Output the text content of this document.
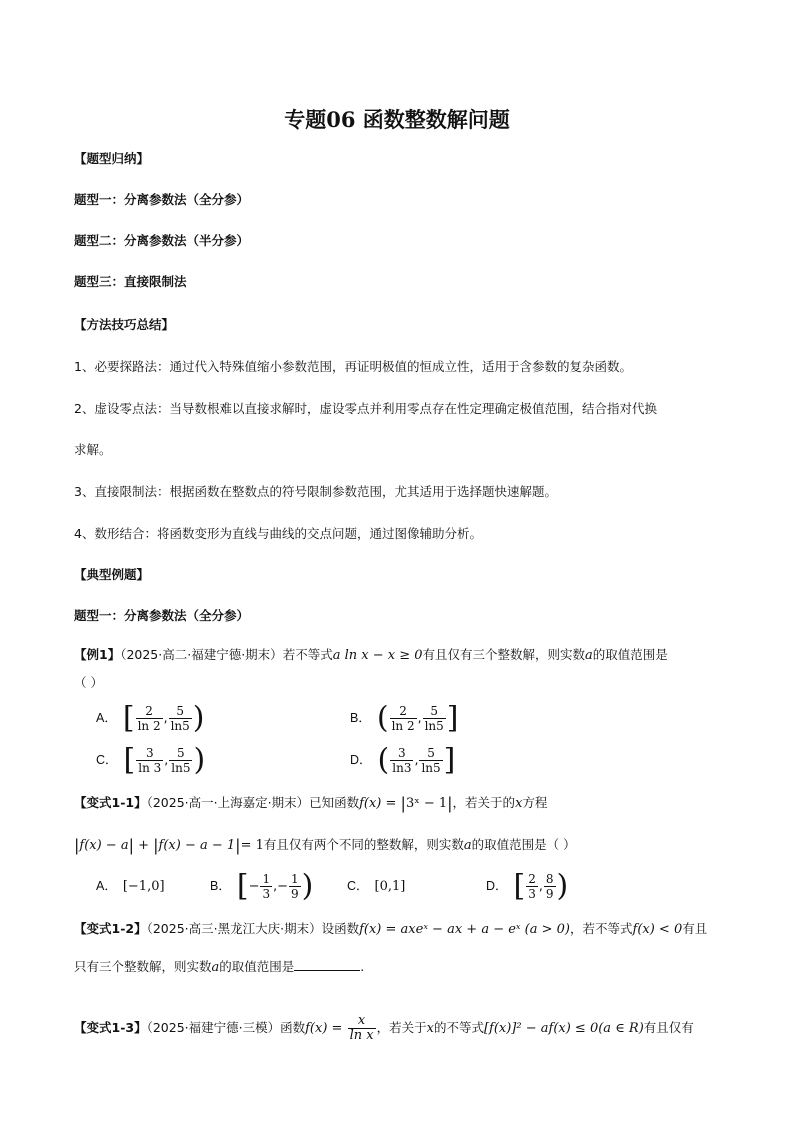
专题06 函数整数解问题
【题型归纳】
题型一：分离参数法（全分参）
题型二：分离参数法（半分参）
题型三：直接限制法
【方法技巧总结】
1、必要探路法：通过代入特殊值缩小参数范围，再证明极值的恒成立性，适用于含参数的复杂函数。
2、虚设零点法：当导数根难以直接求解时，虚设零点并利用零点存在性定理确定极值范围，结合指对代换
求解。
3、直接限制法：根据函数在整数点的符号限制参数范围，尤其适用于选择题快速解题。
4、数形结合：将函数变形为直线与曲线的交点问题，通过图像辅助分析。
【典型例题】
题型一：分离参数法（全分参）
【例1】（2025·高二·福建宁德·期末）若不等式a ln x − x ≥ 0有且仅有三个整数解，则实数a的取值范围是
（ ）
A． [ $\frac{2}{\ln 2}$ , $\frac{5}{\ln 5}$ )	B． ( $\frac{2}{\ln 2}$ , $\frac{5}{\ln 5}$ ]
C． [ $\frac{3}{\ln 3}$ , $\frac{5}{\ln 5}$ )	D． ( $\frac{3}{\ln 3}$ , $\frac{5}{\ln 5}$ ]
【变式1-1】（2025·高一·上海嘉定·期末）已知函数f(x) = |3ˣ − 1|，若关于的x方程
|f(x) − a| + |f(x) − a − 1|= 1有且仅有两个不同的整数解，则实数a的取值范围是（ ）
A． [−1,0]	B． [− $\frac{1}{3}$ ,− $\frac{1}{9}$ )	C． [0,1]	D． [ $\frac{2}{3}$ , $\frac{8}{9}$ )
【变式1-2】（2025·高三·黑龙江大庆·期末）设函数f(x) = axeˣ − ax + a − eˣ (a > 0)，若不等式f(x) < 0有且
只有三个整数解，则实数a的取值范围是	.
【变式1-3】（2025·福建宁德·三模）函数$f(x) = \frac{x}{\text{ln x}}$ ，若关于x的不等式[f(x)]² − af(x) ≤ 0(a ∈ R)有且仅有
